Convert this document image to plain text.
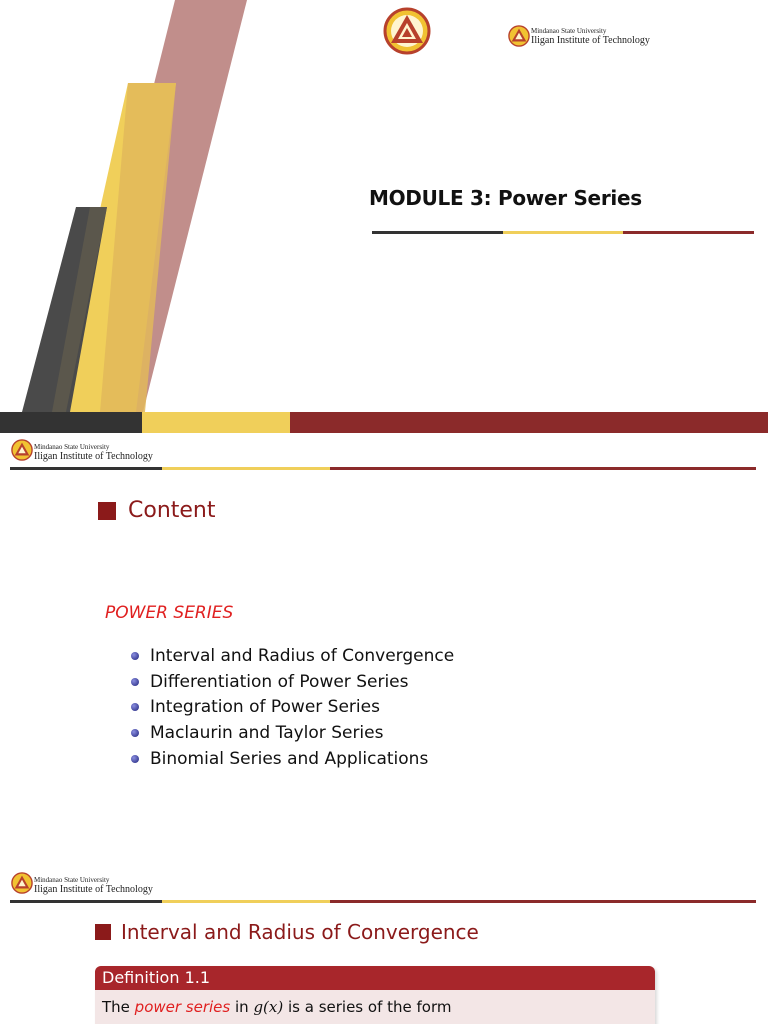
Mindanao State University
Iligan Institute of Technology
MODULE 3: Power Series
Mindanao State University
Iligan Institute of Technology
Content
POWER SERIES
Interval and Radius of Convergence
Differentiation of Power Series
Integration of Power Series
Maclaurin and Taylor Series
Binomial Series and Applications
Mindanao State University
Iligan Institute of Technology
Interval and Radius of Convergence
Definition 1.1
The power series in g(x) is a series of the form
